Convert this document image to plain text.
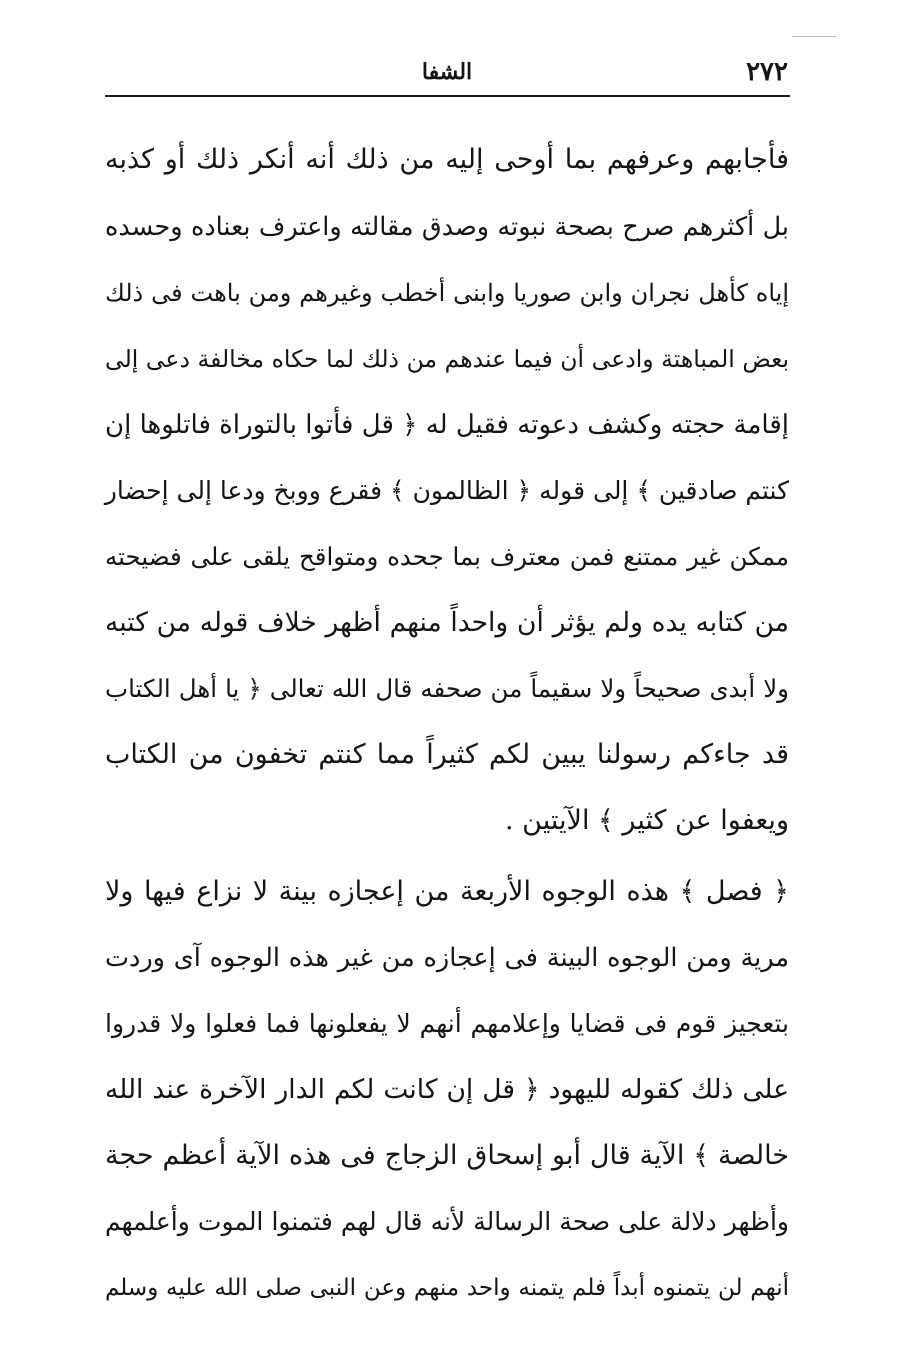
٢٧٢
الشفا
فأجابهم وعرفهم بما أوحى إليه من ذلك أنه أنكر ذلك أو كذبه
بل أكثرهم صرح بصحة نبوته وصدق مقالته واعترف بعناده وحسده
إياه كأهل نجران وابن صوريا وابنى أخطب وغيرهم ومن باهت فى ذلك
بعض المباهتة وادعى أن فيما عندهم من ذلك لما حكاه مخالفة دعى إلى
إقامة حجته وكشف دعوته فقيل له ﴿ قل فأتوا بالتوراة فاتلوها إن
كنتم صادقين ﴾ إلى قوله ﴿ الظالمون ﴾ فقرع ووبخ ودعا إلى إحضار
ممكن غير ممتنع فمن معترف بما جحده ومتواقح يلقى على فضيحته
من كتابه يده ولم يؤثر أن واحداً منهم أظهر خلاف قوله من كتبه
ولا أبدى صحيحاً ولا سقيماً من صحفه قال الله تعالى ﴿ يا أهل الكتاب
قد جاءكم رسولنا يبين لكم كثيراً مما كنتم تخفون من الكتاب
ويعفوا عن كثير ﴾ الآيتين .
﴿ فصل ﴾ هذه الوجوه الأربعة من إعجازه بينة لا نزاع فيها ولا
مرية ومن الوجوه البينة فى إعجازه من غير هذه الوجوه آى وردت
بتعجيز قوم فى قضايا وإعلامهم أنهم لا يفعلونها فما فعلوا ولا قدروا
على ذلك كقوله لليهود ﴿ قل إن كانت لكم الدار الآخرة عند الله
خالصة ﴾ الآية قال أبو إسحاق الزجاج فى هذه الآية أعظم حجة
وأظهر دلالة على صحة الرسالة لأنه قال لهم فتمنوا الموت وأعلمهم
أنهم لن يتمنوه أبداً فلم يتمنه واحد منهم وعن النبى صلى الله عليه وسلم
